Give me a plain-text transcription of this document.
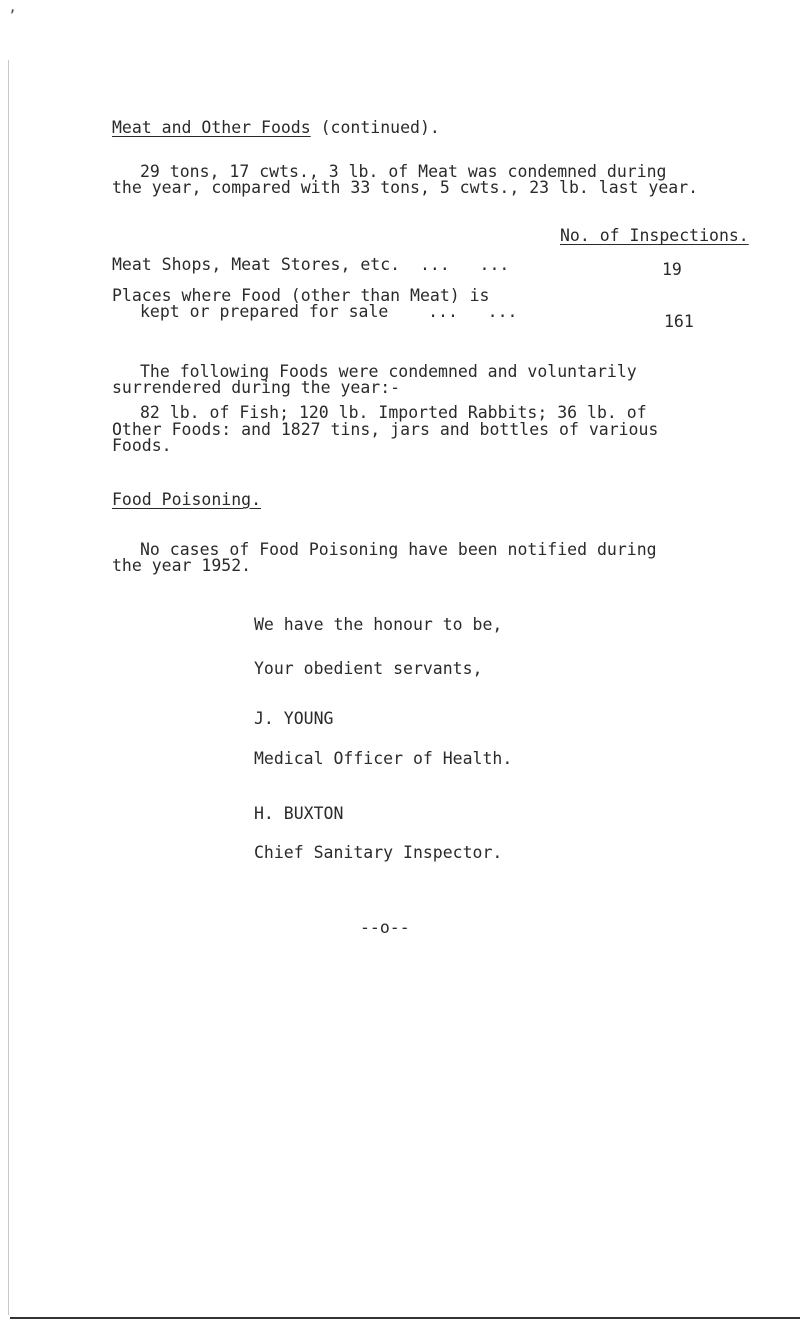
ʼ
Meat and Other Foods (continued).
29 tons, 17 cwts., 3 lb. of Meat was condemned during
the year, compared with 33 tons, 5 cwts., 23 lb. last year.
No. of Inspections.
Meat Shops, Meat Stores, etc.  ...   ...	19
Places where Food (other than Meat) is
kept or prepared for sale    ...   ...
161
The following Foods were condemned and voluntarily
surrendered during the year:-
82 lb. of Fish; 120 lb. Imported Rabbits; 36 lb. of
Other Foods: and 1827 tins, jars and bottles of various
Foods.
Food Poisoning.
No cases of Food Poisoning have been notified during
the year 1952.
We have the honour to be,
Your obedient servants,
J. YOUNG
Medical Officer of Health.
H. BUXTON
Chief Sanitary Inspector.
--o--
